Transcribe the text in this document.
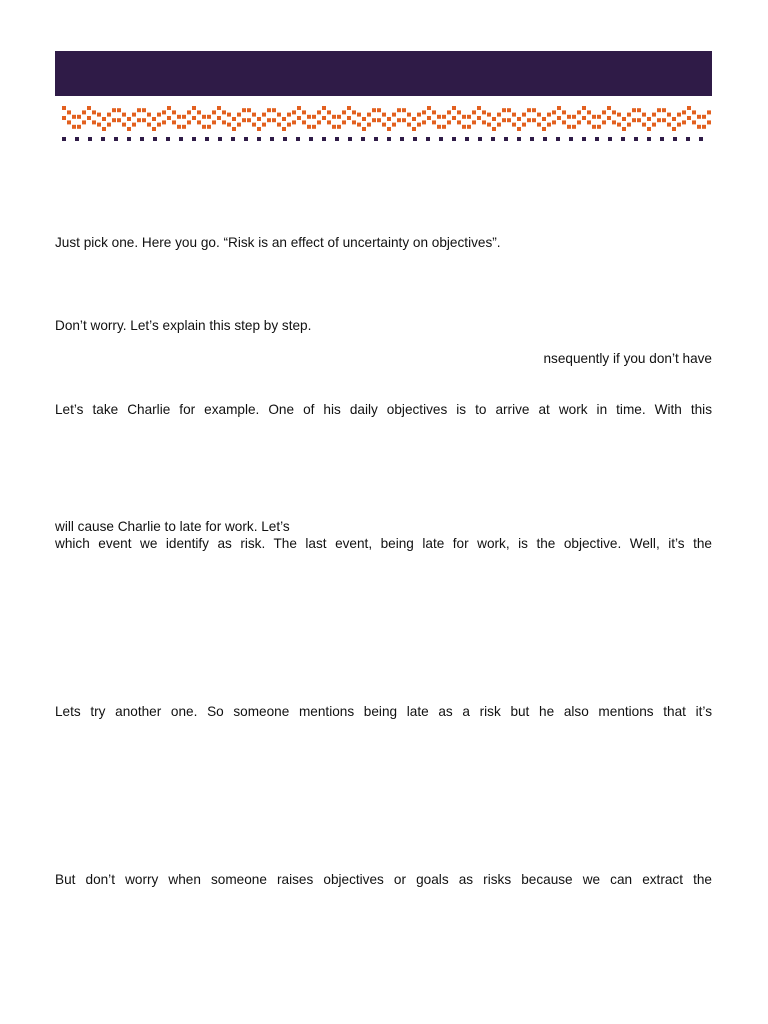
Just pick one. Here you go. “Risk is an effect of uncertainty on objectives”.

Don’t worry. Let’s explain this step by step.

nsequently if you don’t have

Let’s take Charlie for example. One of his daily objectives is to arrive at work in time. With this

will cause Charlie to late for work. Let’s

which event we identify as risk. The last event, being late for work, is the objective. Well, it’s the

Lets try another one. So someone mentions being late as a risk but he also mentions that it’s

But don’t worry when someone raises objectives or goals as risks because we can extract the
